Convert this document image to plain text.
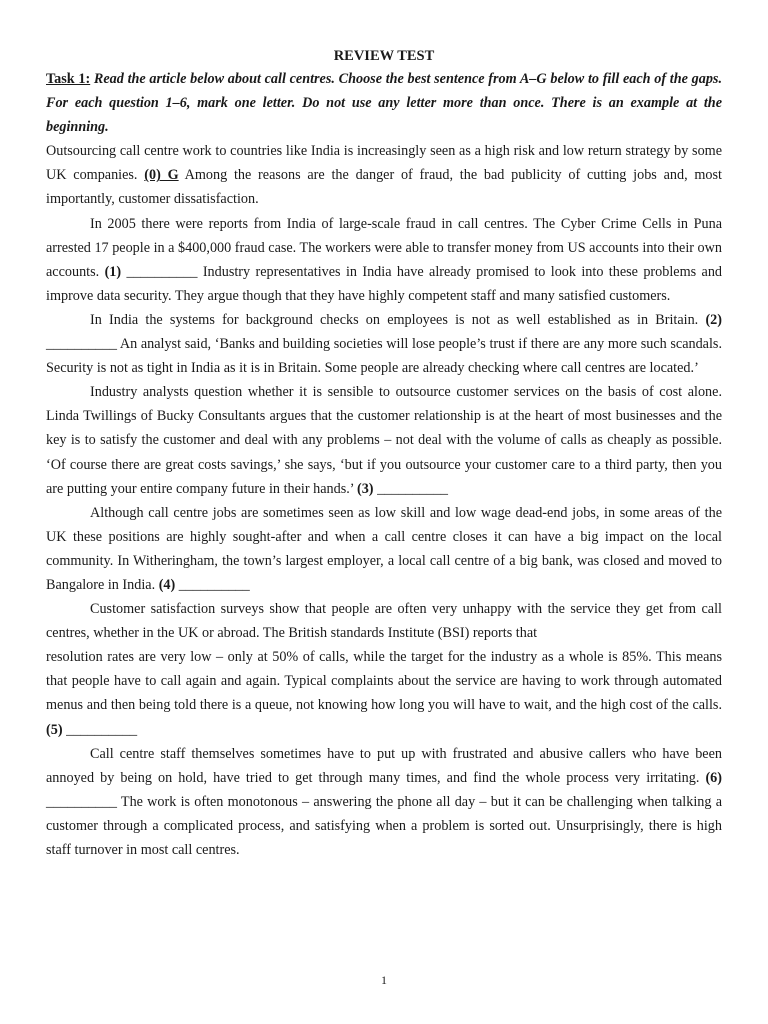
REVIEW TEST

Task 1: Read the article below about call centres. Choose the best sentence from A–G below to fill each of the gaps. For each question 1–6, mark one letter. Do not use any letter more than once. There is an example at the beginning.

Outsourcing call centre work to countries like India is increasingly seen as a high risk and low return strategy by some UK companies. (0) G Among the reasons are the danger of fraud, the bad publicity of cutting jobs and, most importantly, customer dissatisfaction.

In 2005 there were reports from India of large-scale fraud in call centres. The Cyber Crime Cells in Puna arrested 17 people in a $400,000 fraud case. The workers were able to transfer money from US accounts into their own accounts. (1) __________ Industry representatives in India have already promised to look into these problems and improve data security. They argue though that they have highly competent staff and many satisfied customers.

In India the systems for background checks on employees is not as well established as in Britain. (2) __________ An analyst said, ‘Banks and building societies will lose people’s trust if there are any more such scandals. Security is not as tight in India as it is in Britain. Some people are already checking where call centres are located.’

Industry analysts question whether it is sensible to outsource customer services on the basis of cost alone. Linda Twillings of Bucky Consultants argues that the customer relationship is at the heart of most businesses and the key is to satisfy the customer and deal with any problems – not deal with the volume of calls as cheaply as possible. ‘Of course there are great costs savings,’ she says, ‘but if you outsource your customer care to a third party, then you are putting your entire company future in their hands.’ (3) __________

Although call centre jobs are sometimes seen as low skill and low wage dead-end jobs, in some areas of the UK these positions are highly sought-after and when a call centre closes it can have a big impact on the local community. In Witheringham, the town’s largest employer, a local call centre of a big bank, was closed and moved to Bangalore in India. (4) __________

Customer satisfaction surveys show that people are often very unhappy with the service they get from call centres, whether in the UK or abroad. The British standards Institute (BSI) reports that

resolution rates are very low – only at 50% of calls, while the target for the industry as a whole is 85%. This means that people have to call again and again. Typical complaints about the service are having to work through automated menus and then being told there is a queue, not knowing how long you will have to wait, and the high cost of the calls. (5) __________

Call centre staff themselves sometimes have to put up with frustrated and abusive callers who have been annoyed by being on hold, have tried to get through many times, and find the whole process very irritating. (6) __________ The work is often monotonous – answering the phone all day – but it can be challenging when talking a customer through a complicated process, and satisfying when a problem is sorted out. Unsurprisingly, there is high staff turnover in most call centres.

1
